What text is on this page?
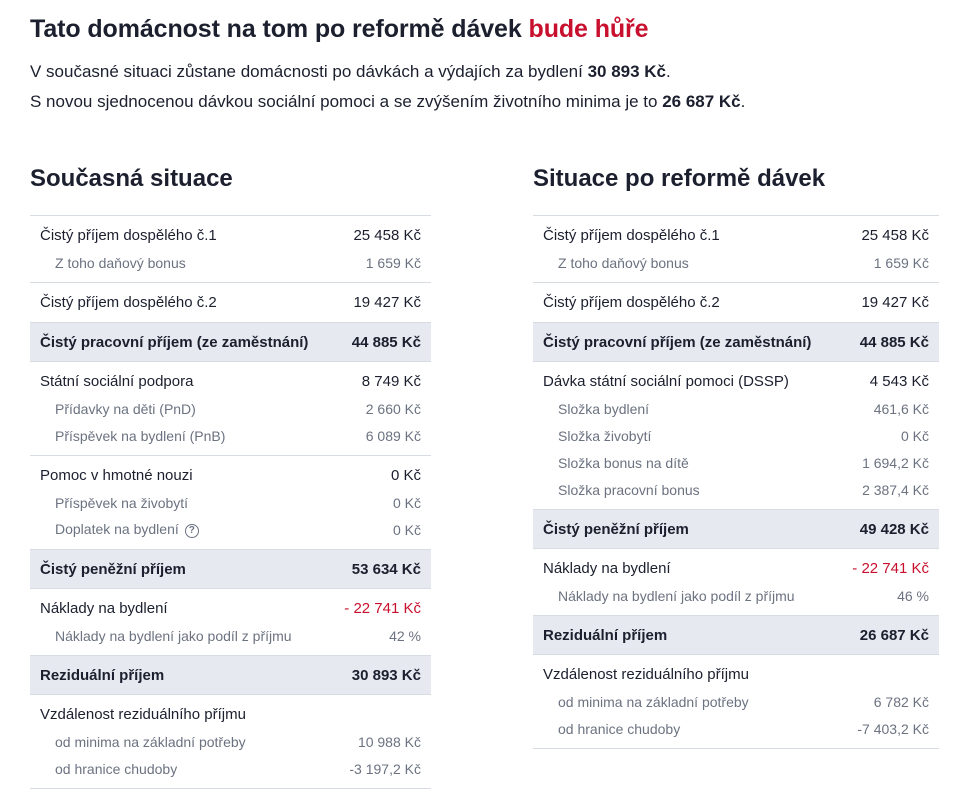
Tato domácnost na tom po reformě dávek bude hůře

V současné situaci zůstane domácnosti po dávkách a výdajích za bydlení 30 893 Kč.

S novou sjednocenou dávkou sociální pomoci a se zvýšením životního minima je to 26 687 Kč.

Současná situace
Čistý příjem dospělého č.1	25 458 Kč
Z toho daňový bonus	1 659 Kč
Čistý příjem dospělého č.2	19 427 Kč
Čistý pracovní příjem (ze zaměstnání)	44 885 Kč
Státní sociální podpora	8 749 Kč
Přídavky na děti (PnD)	2 660 Kč
Příspěvek na bydlení (PnB)	6 089 Kč
Pomoc v hmotné nouzi	0 Kč
Příspěvek na živobytí	0 Kč
Doplatek na bydlení ?	0 Kč
Čistý peněžní příjem	53 634 Kč
Náklady na bydlení	- 22 741 Kč
Náklady na bydlení jako podíl z příjmu	42 %
Reziduální příjem	30 893 Kč
Vzdálenost reziduálního příjmu
od minima na základní potřeby	10 988 Kč
od hranice chudoby	-3 197,2 Kč
Situace po reformě dávek
Čistý příjem dospělého č.1	25 458 Kč
Z toho daňový bonus	1 659 Kč
Čistý příjem dospělého č.2	19 427 Kč
Čistý pracovní příjem (ze zaměstnání)	44 885 Kč
Dávka státní sociální pomoci (DSSP)	4 543 Kč
Složka bydlení	461,6 Kč
Složka živobytí	0 Kč
Složka bonus na dítě	1 694,2 Kč
Složka pracovní bonus	2 387,4 Kč
Čistý peněžní příjem	49 428 Kč
Náklady na bydlení	- 22 741 Kč
Náklady na bydlení jako podíl z příjmu	46 %
Reziduální příjem	26 687 Kč
Vzdálenost reziduálního příjmu
od minima na základní potřeby	6 782 Kč
od hranice chudoby	-7 403,2 Kč
